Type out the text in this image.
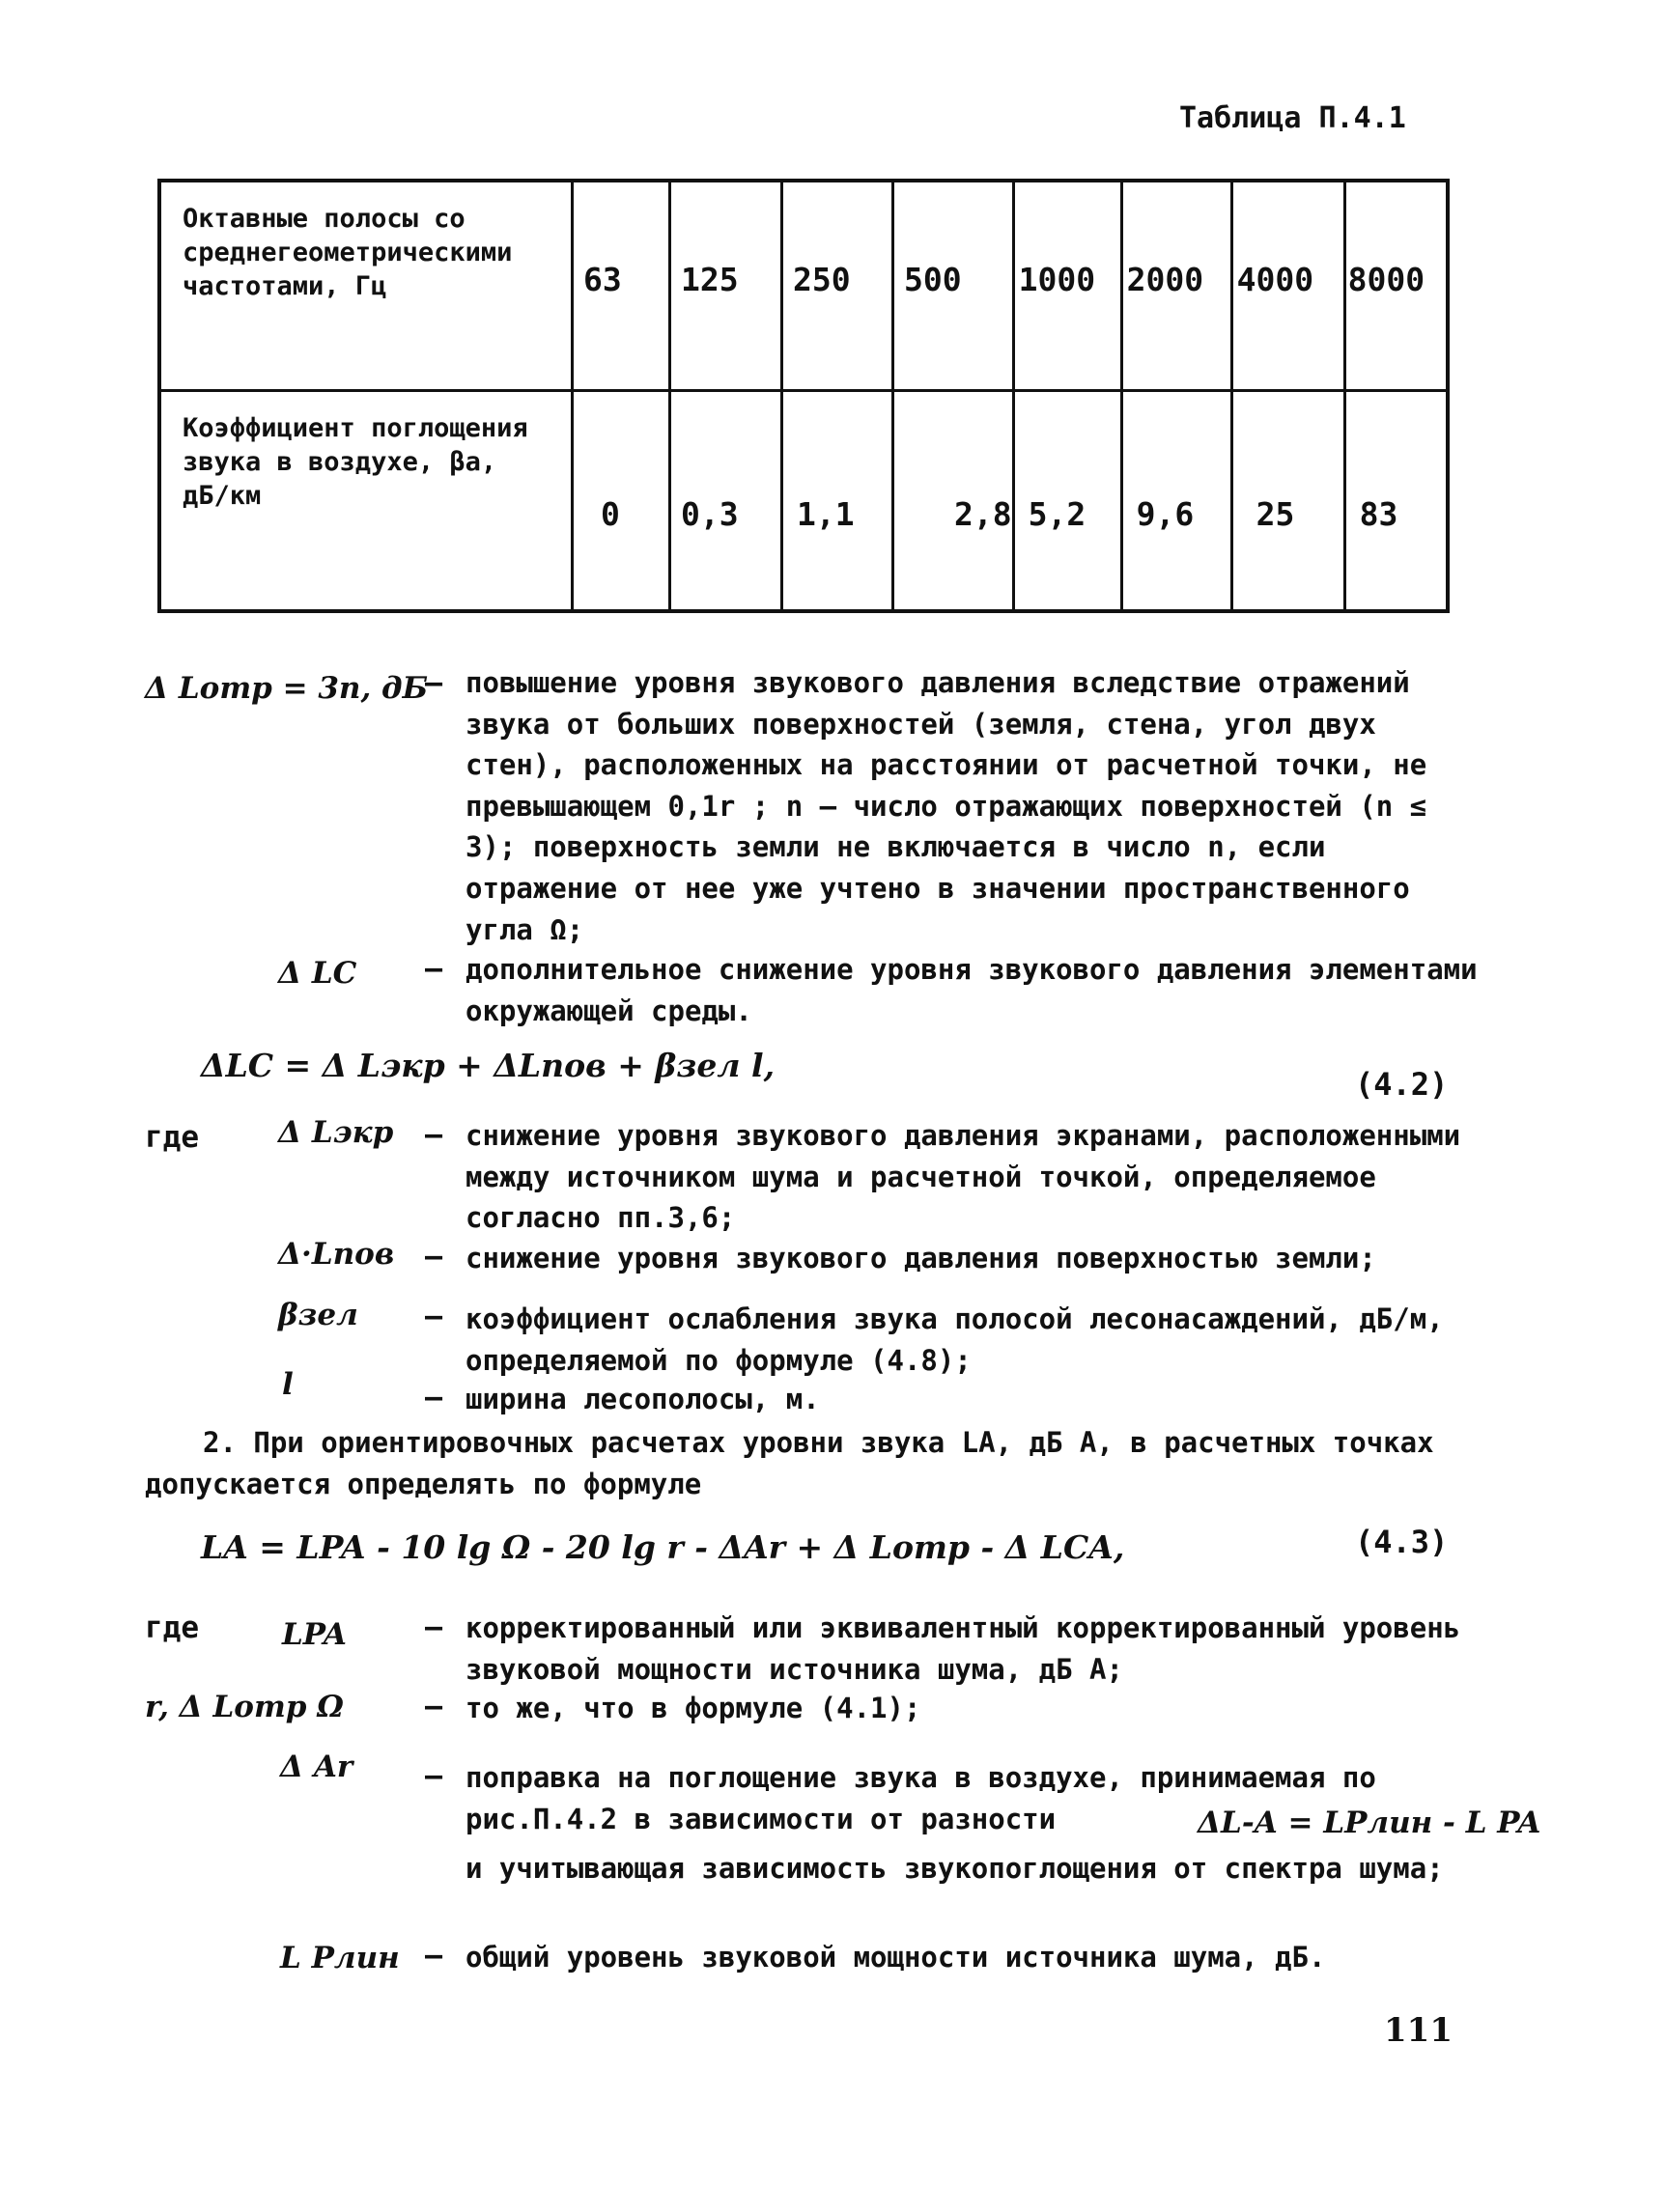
Таблица П.4.1
Октавные полосы со среднегеометрическими частотами, Гц	63	125	250	500	1000	2000	4000	8000
Коэффициент поглощения звука в воздухе, βа, дБ/км	0	0,3	1,1	2,8	5,2	9,6	25	83
Δ Lотр = 3n, дБ
– повышение уровня звукового давления вследствие отражений звука от больших поверхностей (земля, стена, угол двух стен), расположенных на расстоянии от расчетной точки, не превышающем 0,1r ; n – число отражающих поверхностей (n ≤ 3); поверхность земли не включается в число n, если отражение от нее уже учтено в значении пространственного угла Ω;
Δ LC – дополнительное снижение уровня звукового давления элементами окружающей среды.
ΔLC = Δ Lэкр + ΔLпов + βзел l,	(4.2)
где	Δ Lэкр – снижение уровня звукового давления экранами, расположенными между источником шума и расчетной точкой, определяемое согласно пп.3,6;
Δ·Lпов – снижение уровня звукового давления поверхностью земли;
βзел – коэффициент ослабления звука полосой лесонасаждений, дБ/м, определяемой по формуле (4.8);
l	– ширина лесополосы, м.
2. При ориентировочных расчетах уровни звука LA, дБ А, в расчетных точках допускается определять по формуле
LA = LPA - 10 lg Ω - 20 lg r - ΔAr + Δ Lотр - Δ LCA,	(4.3)
где	LPA	– корректированный или эквивалентный корректированный уровень звуковой мощности источника шума, дБ А;
r, Δ Lотр Ω	– то же, что в формуле (4.1);
Δ Ar – поправка на поглощение звука в воздухе, принимаемая по рис.П.4.2 в зависимости от разности	ΔL-A = LPлин - L PA
и учитывающая зависимость звукопоглощения от спектра шума;
L Pлин – общий уровень звуковой мощности источника шума, дБ.
111
